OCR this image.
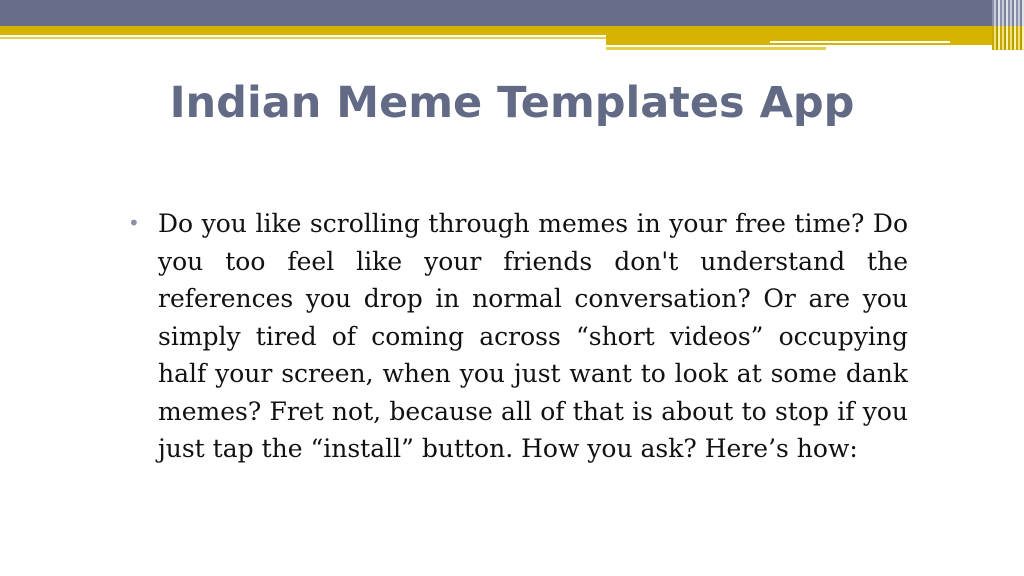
Indian Meme Templates App
• Do you like scrolling through memes in your free time? Do you too feel like your friends don't understand the references you drop in normal conversation? Or are you simply tired of coming across “short videos” occupying half your screen, when you just want to look at some dank memes? Fret not, because all of that is about to stop if you just tap the “install” button. How you ask? Here’s how:
